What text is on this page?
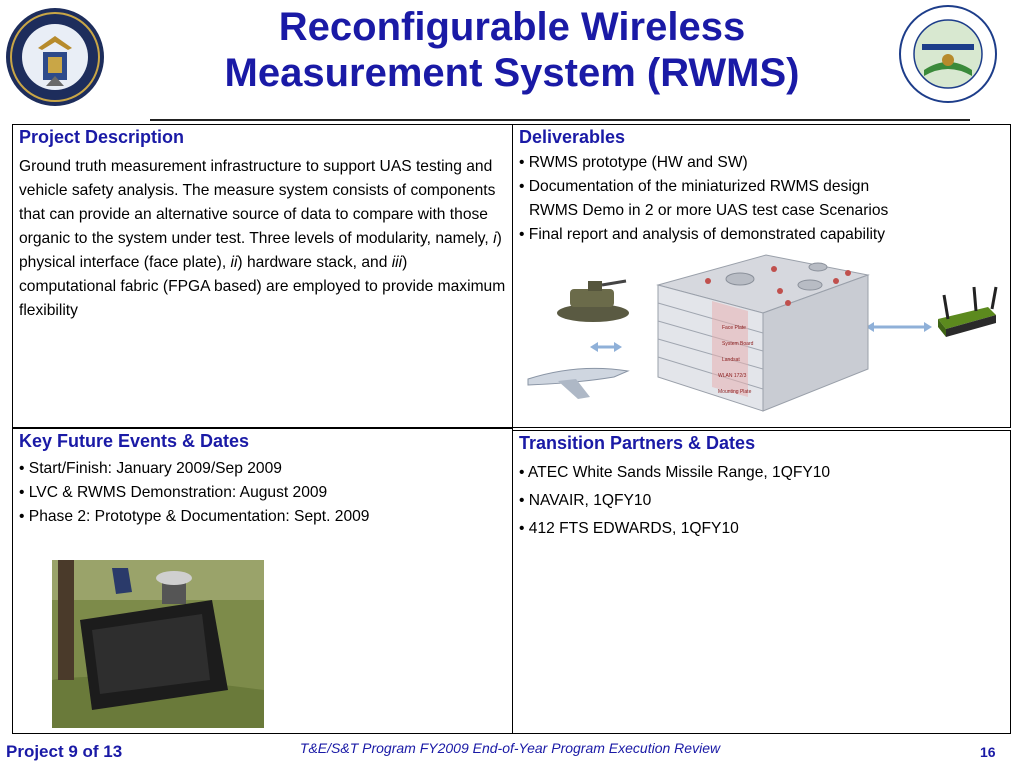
Reconfigurable Wireless
Measurement System (RWMS)
Project Description
Ground truth measurement infrastructure to support UAS testing and vehicle safety analysis. The measure system consists of components that can provide an alternative source of data to compare with those organic to the system under test. Three levels of modularity, namely, i) physical interface (face plate), ii) hardware stack, and iii) computational fabric (FPGA based) are employed to provide maximum flexibility
Deliverables
• RWMS prototype (HW and SW)
• Documentation of the miniaturized RWMS design
RWMS Demo in 2 or more UAS test case Scenarios
• Final report and analysis of demonstrated capability
Face Plate
System Board
Landsat
WLAN 172/3
Mounting Plate
Key Future Events & Dates
• Start/Finish: January 2009/Sep 2009
• LVC & RWMS Demonstration: August 2009
• Phase 2: Prototype & Documentation: Sept. 2009
Transition Partners & Dates
• ATEC White Sands Missile Range, 1QFY10
• NAVAIR, 1QFY10
• 412 FTS EDWARDS, 1QFY10
Project 9 of 13	T&E/S&T Program FY2009 End-of-Year Program Execution Review	16
